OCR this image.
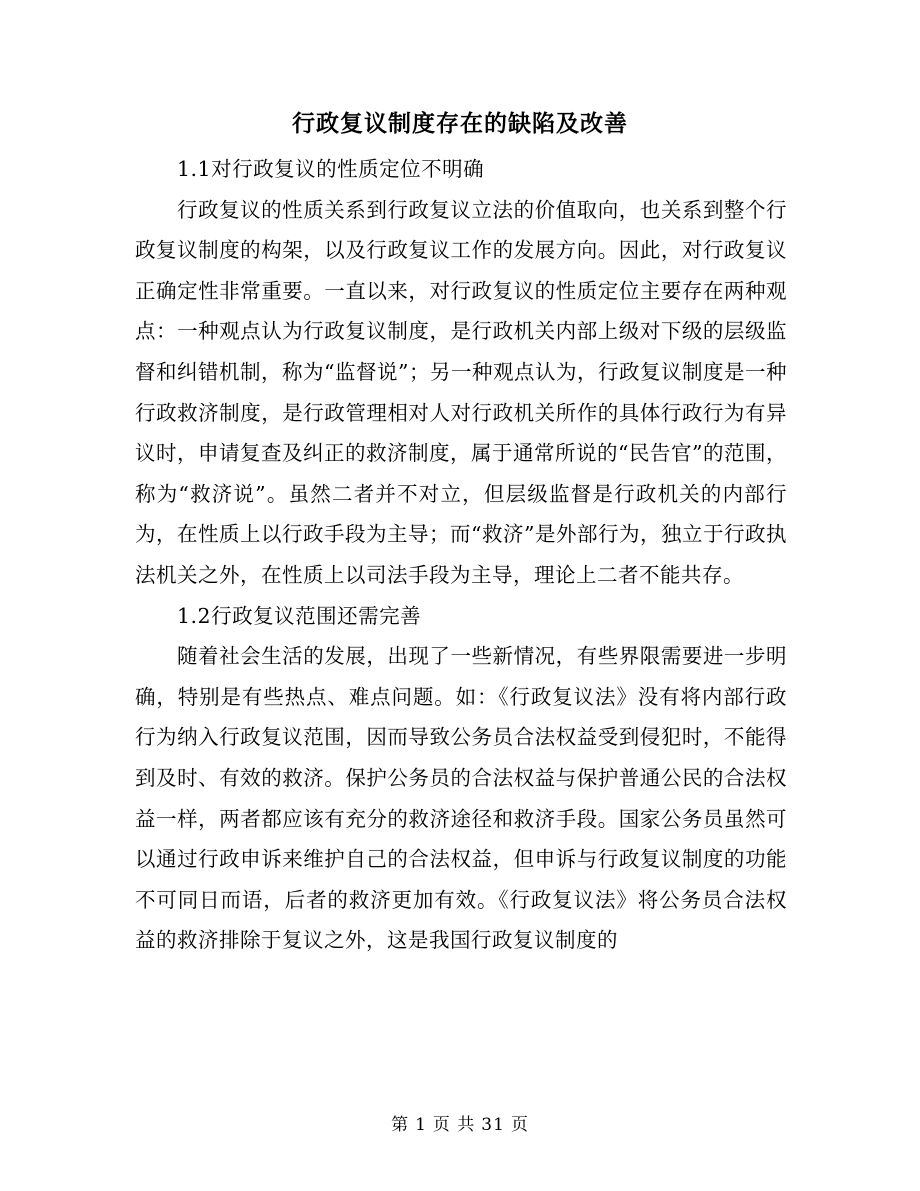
行政复议制度存在的缺陷及改善

1.1对行政复议的性质定位不明确

行政复议的性质关系到行政复议立法的价值取向，也关系到整个行政复议制度的构架，以及行政复议工作的发展方向。因此，对行政复议正确定性非常重要。一直以来，对行政复议的性质定位主要存在两种观点：一种观点认为行政复议制度，是行政机关内部上级对下级的层级监督和纠错机制，称为“监督说”；另一种观点认为，行政复议制度是一种行政救济制度，是行政管理相对人对行政机关所作的具体行政行为有异议时，申请复查及纠正的救济制度，属于通常所说的“民告官”的范围，称为“救济说”。虽然二者并不对立，但层级监督是行政机关的内部行为，在性质上以行政手段为主导；而“救济”是外部行为，独立于行政执法机关之外，在性质上以司法手段为主导，理论上二者不能共存。

1.2行政复议范围还需完善

随着社会生活的发展，出现了一些新情况，有些界限需要进一步明确，特别是有些热点、难点问题。如：《行政复议法》没有将内部行政行为纳入行政复议范围，因而导致公务员合法权益受到侵犯时，不能得到及时、有效的救济。保护公务员的合法权益与保护普通公民的合法权益一样，两者都应该有充分的救济途径和救济手段。国家公务员虽然可以通过行政申诉来维护自己的合法权益，但申诉与行政复议制度的功能不可同日而语，后者的救济更加有效。《行政复议法》将公务员合法权益的救济排除于复议之外，这是我国行政复议制度的

第 1 页 共 31 页
